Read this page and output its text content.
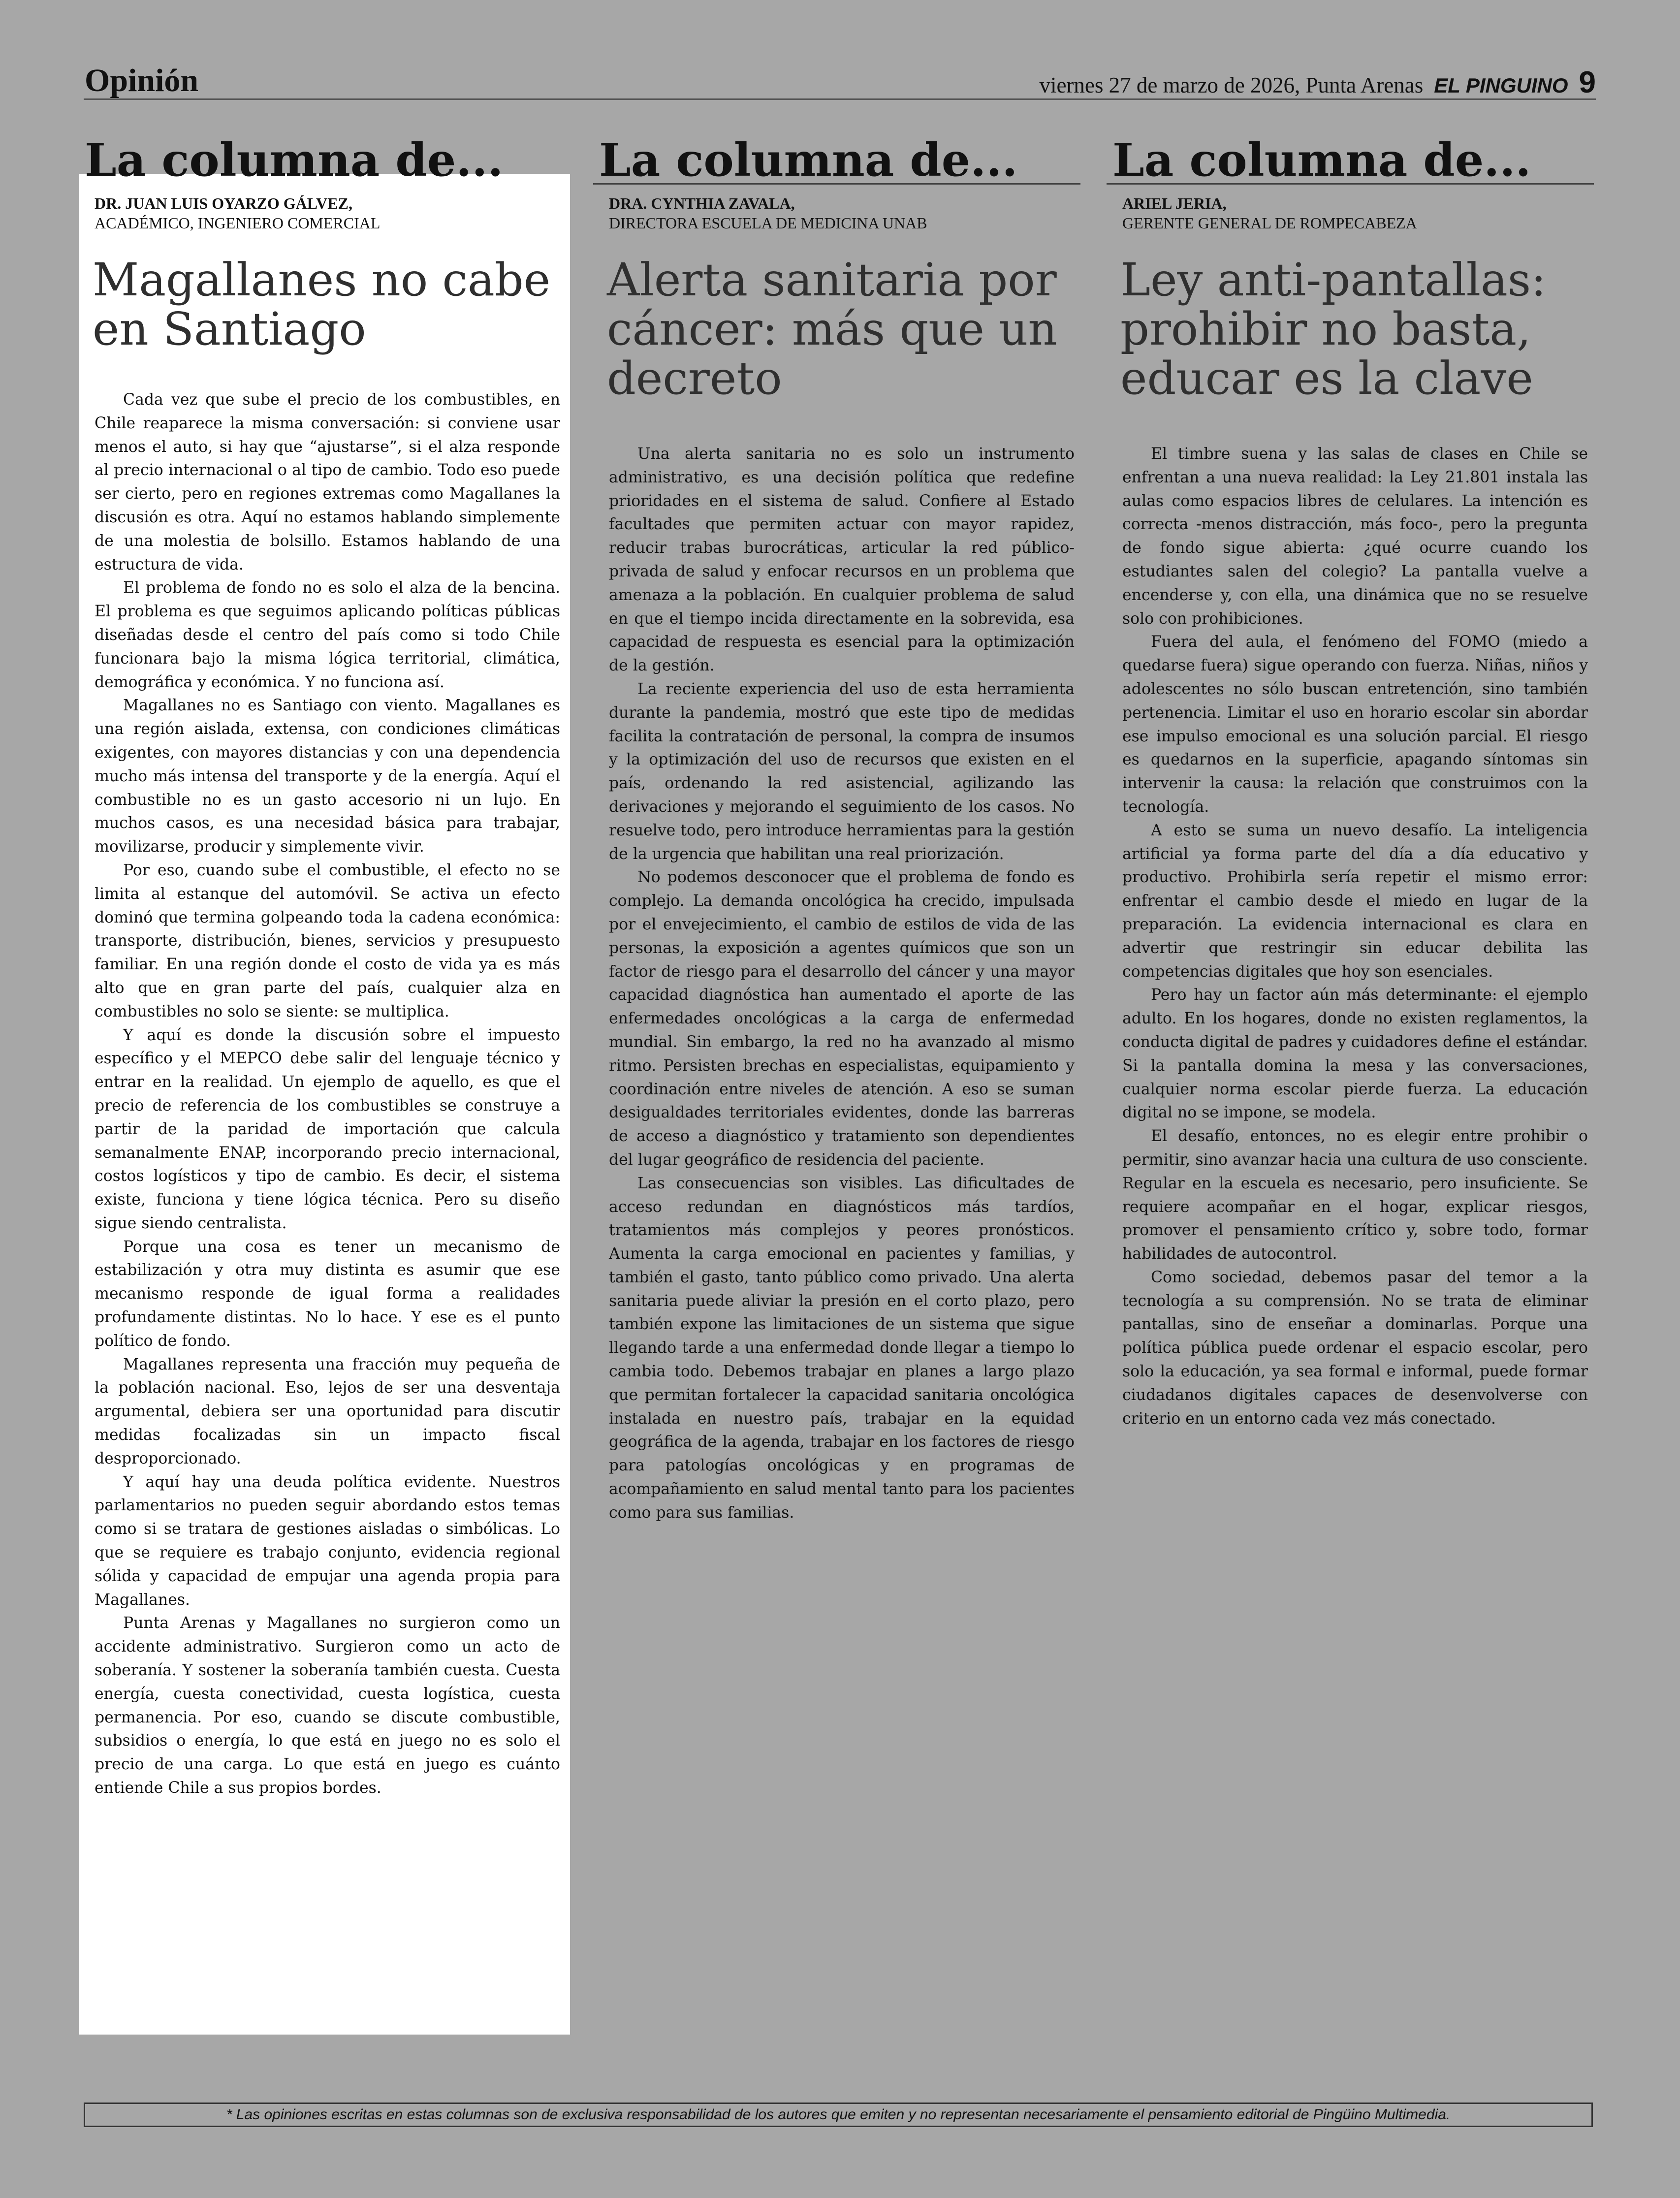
Opinión	viernes 27 de marzo de 2026, Punta Arenas EL PINGUINO 9
La columna de...
DR. JUAN LUIS OYARZO GÁLVEZ,
ACADÉMICO, INGENIERO COMERCIAL
Magallanes no cabe en Santiago

Cada vez que sube el precio de los combustibles, en Chile reaparece la misma conversación: si conviene usar menos el auto, si hay que “ajustarse”, si el alza responde al precio internacional o al tipo de cambio. Todo eso puede ser cierto, pero en regiones extremas como Magallanes la discusión es otra. Aquí no estamos hablando simplemente de una molestia de bolsillo. Estamos hablando de una estructura de vida.

El problema de fondo no es solo el alza de la bencina. El problema es que seguimos aplicando políticas públicas diseñadas desde el centro del país como si todo Chile funcionara bajo la misma lógica territorial, climática, demográfica y económica. Y no funciona así.

Magallanes no es Santiago con viento. Magallanes es una región aislada, extensa, con condiciones climáticas exigentes, con mayores distancias y con una dependencia mucho más intensa del transporte y de la energía. Aquí el combustible no es un gasto accesorio ni un lujo. En muchos casos, es una necesidad básica para trabajar, movilizarse, producir y simplemente vivir.

Por eso, cuando sube el combustible, el efecto no se limita al estanque del automóvil. Se activa un efecto dominó que termina golpeando toda la cadena económica: transporte, distribución, bienes, servicios y presupuesto familiar. En una región donde el costo de vida ya es más alto que en gran parte del país, cualquier alza en combustibles no solo se siente: se multiplica.

Y aquí es donde la discusión sobre el impuesto específico y el MEPCO debe salir del lenguaje técnico y entrar en la realidad. Un ejemplo de aquello, es que el precio de referencia de los combustibles se construye a partir de la paridad de importación que calcula semanalmente ENAP, incorporando precio internacional, costos logísticos y tipo de cambio. Es decir, el sistema existe, funciona y tiene lógica técnica. Pero su diseño sigue siendo centralista.

Porque una cosa es tener un mecanismo de estabilización y otra muy distinta es asumir que ese mecanismo responde de igual forma a realidades profundamente distintas. No lo hace. Y ese es el punto político de fondo.

Magallanes representa una fracción muy pequeña de la población nacional. Eso, lejos de ser una desventaja argumental, debiera ser una oportunidad para discutir medidas focalizadas sin un impacto fiscal desproporcionado.

Y aquí hay una deuda política evidente. Nuestros parlamentarios no pueden seguir abordando estos temas como si se tratara de gestiones aisladas o simbólicas. Lo que se requiere es trabajo conjunto, evidencia regional sólida y capacidad de empujar una agenda propia para Magallanes.

Punta Arenas y Magallanes no surgieron como un accidente administrativo. Surgieron como un acto de soberanía. Y sostener la soberanía también cuesta. Cuesta energía, cuesta conectividad, cuesta logística, cuesta permanencia. Por eso, cuando se discute combustible, subsidios o energía, lo que está en juego no es solo el precio de una carga. Lo que está en juego es cuánto entiende Chile a sus propios bordes.

La columna de...
DRA. CYNTHIA ZAVALA,
DIRECTORA ESCUELA DE MEDICINA UNAB
Alerta sanitaria por cáncer: más que un decreto

Una alerta sanitaria no es solo un instrumento administrativo, es una decisión política que redefine prioridades en el sistema de salud. Confiere al Estado facultades que permiten actuar con mayor rapidez, reducir trabas burocráticas, articular la red público-privada de salud y enfocar recursos en un problema que amenaza a la población. En cualquier problema de salud en que el tiempo incida directamente en la sobrevida, esa capacidad de respuesta es esencial para la optimización de la gestión.

La reciente experiencia del uso de esta herramienta durante la pandemia, mostró que este tipo de medidas facilita la contratación de personal, la compra de insumos y la optimización del uso de recursos que existen en el país, ordenando la red asistencial, agilizando las derivaciones y mejorando el seguimiento de los casos. No resuelve todo, pero introduce herramientas para la gestión de la urgencia que habilitan una real priorización.

No podemos desconocer que el problema de fondo es complejo. La demanda oncológica ha crecido, impulsada por el envejecimiento, el cambio de estilos de vida de las personas, la exposición a agentes químicos que son un factor de riesgo para el desarrollo del cáncer y una mayor capacidad diagnóstica han aumentado el aporte de las enfermedades oncológicas a la carga de enfermedad mundial. Sin embargo, la red no ha avanzado al mismo ritmo. Persisten brechas en especialistas, equipamiento y coordinación entre niveles de atención. A eso se suman desigualdades territoriales evidentes, donde las barreras de acceso a diagnóstico y tratamiento son dependientes del lugar geográfico de residencia del paciente.

Las consecuencias son visibles. Las dificultades de acceso redundan en diagnósticos más tardíos, tratamientos más complejos y peores pronósticos. Aumenta la carga emocional en pacientes y familias, y también el gasto, tanto público como privado. Una alerta sanitaria puede aliviar la presión en el corto plazo, pero también expone las limitaciones de un sistema que sigue llegando tarde a una enfermedad donde llegar a tiempo lo cambia todo. Debemos trabajar en planes a largo plazo que permitan fortalecer la capacidad sanitaria oncológica instalada en nuestro país, trabajar en la equidad geográfica de la agenda, trabajar en los factores de riesgo para patologías oncológicas y en programas de acompañamiento en salud mental tanto para los pacientes como para sus familias.

La columna de...
ARIEL JERIA,
GERENTE GENERAL DE ROMPECABEZA
Ley anti-pantallas: prohibir no basta, educar es la clave

El timbre suena y las salas de clases en Chile se enfrentan a una nueva realidad: la Ley 21.801 instala las aulas como espacios libres de celulares. La intención es correcta -menos distracción, más foco-, pero la pregunta de fondo sigue abierta: ¿qué ocurre cuando los estudiantes salen del colegio? La pantalla vuelve a encenderse y, con ella, una dinámica que no se resuelve solo con prohibiciones.

Fuera del aula, el fenómeno del FOMO (miedo a quedarse fuera) sigue operando con fuerza. Niñas, niños y adolescentes no sólo buscan entretención, sino también pertenencia. Limitar el uso en horario escolar sin abordar ese impulso emocional es una solución parcial. El riesgo es quedarnos en la superficie, apagando síntomas sin intervenir la causa: la relación que construimos con la tecnología.

A esto se suma un nuevo desafío. La inteligencia artificial ya forma parte del día a día educativo y productivo. Prohibirla sería repetir el mismo error: enfrentar el cambio desde el miedo en lugar de la preparación. La evidencia internacional es clara en advertir que restringir sin educar debilita las competencias digitales que hoy son esenciales.

Pero hay un factor aún más determinante: el ejemplo adulto. En los hogares, donde no existen reglamentos, la conducta digital de padres y cuidadores define el estándar. Si la pantalla domina la mesa y las conversaciones, cualquier norma escolar pierde fuerza. La educación digital no se impone, se modela.

El desafío, entonces, no es elegir entre prohibir o permitir, sino avanzar hacia una cultura de uso consciente. Regular en la escuela es necesario, pero insuficiente. Se requiere acompañar en el hogar, explicar riesgos, promover el pensamiento crítico y, sobre todo, formar habilidades de autocontrol.

Como sociedad, debemos pasar del temor a la tecnología a su comprensión. No se trata de eliminar pantallas, sino de enseñar a dominarlas. Porque una política pública puede ordenar el espacio escolar, pero solo la educación, ya sea formal e informal, puede formar ciudadanos digitales capaces de desenvolverse con criterio en un entorno cada vez más conectado.

* Las opiniones escritas en estas columnas son de exclusiva responsabilidad de los autores que emiten y no representan necesariamente el pensamiento editorial de Pingüino Multimedia.
